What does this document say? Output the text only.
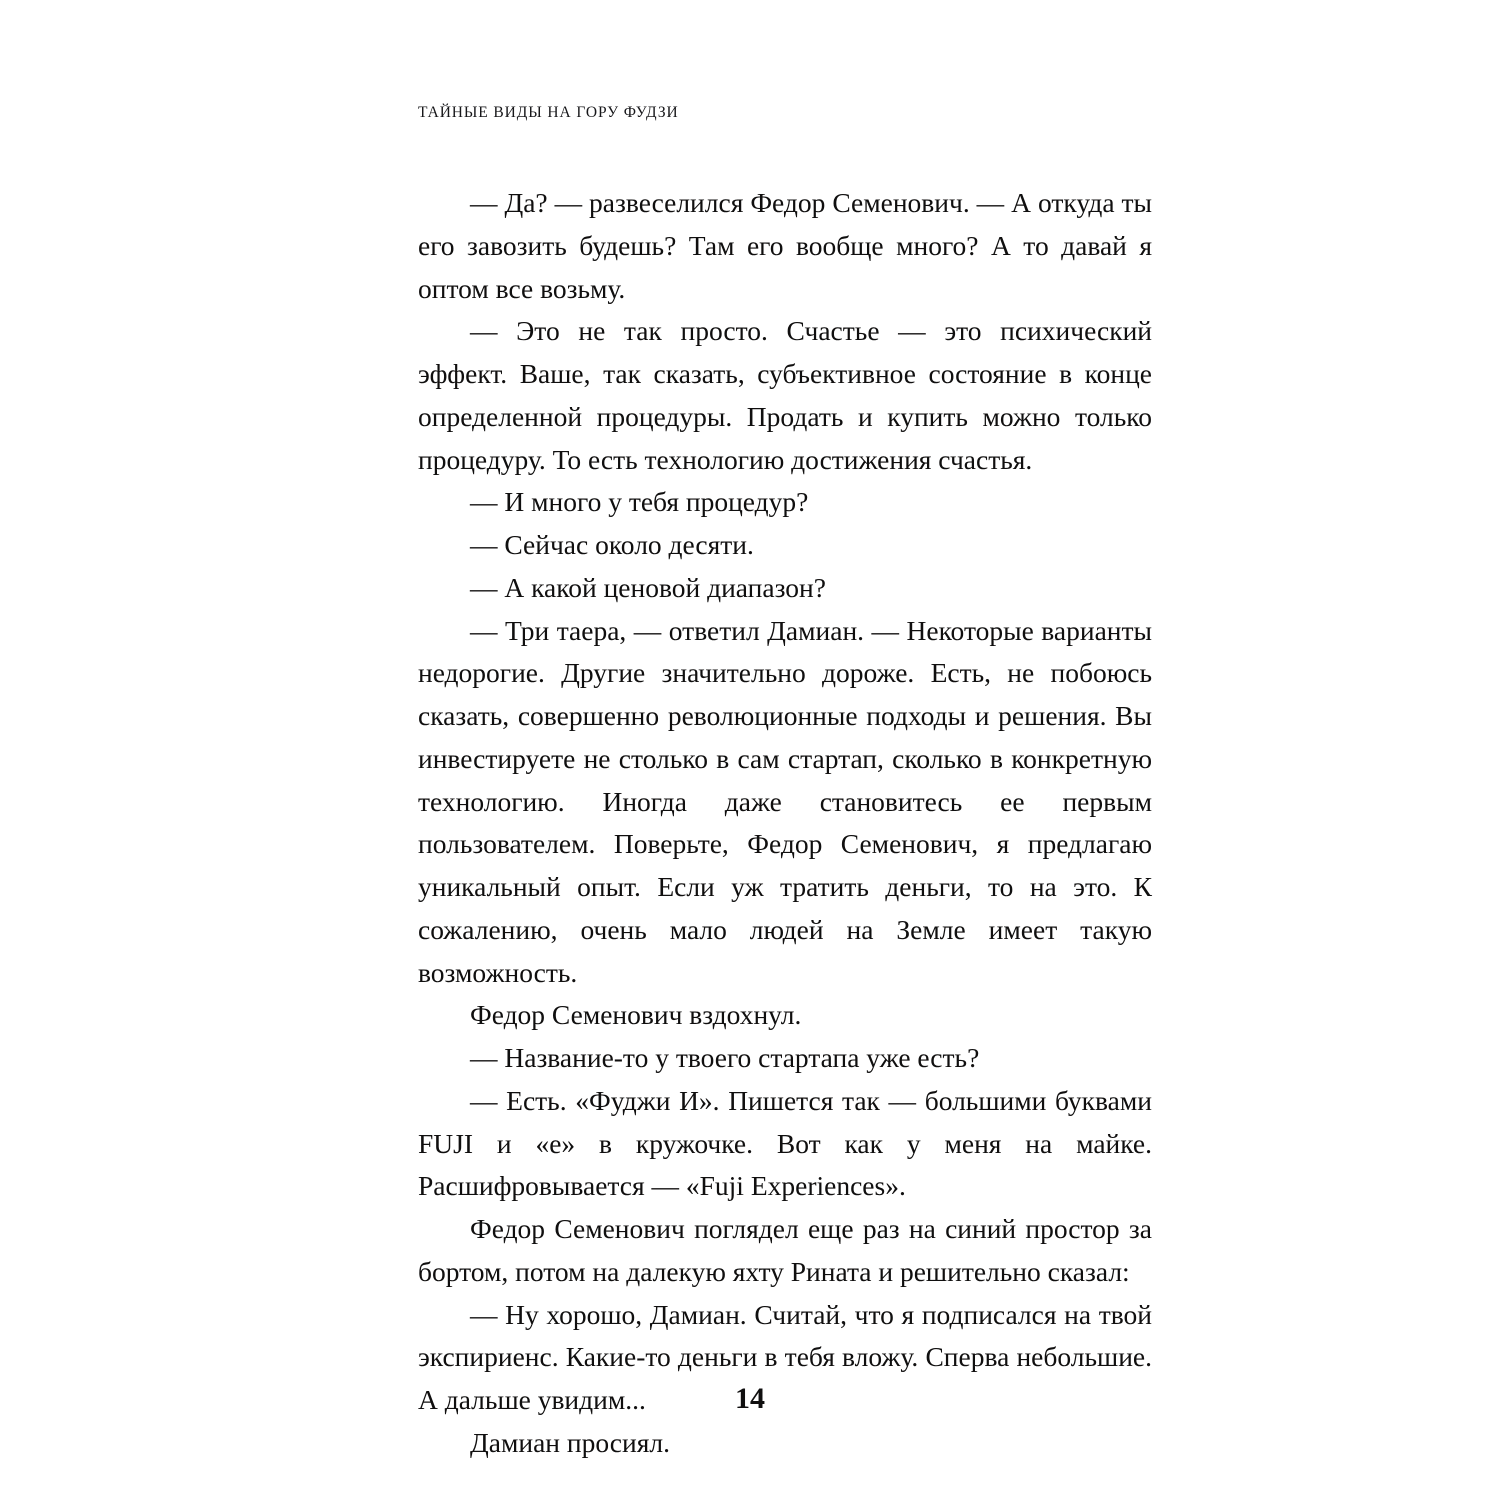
ТАЙНЫЕ ВИДЫ НА ГОРУ ФУДЗИ

— Да? — развеселился Федор Семенович. — А откуда ты его завозить будешь? Там его вообще много? А то давай я оптом все возьму.

— Это не так просто. Счастье — это психический эффект. Ваше, так сказать, субъективное состояние в конце определенной процедуры. Продать и купить можно только процедуру. То есть технологию достижения счастья.

— И много у тебя процедур?

— Сейчас около десяти.

— А какой ценовой диапазон?

— Три таера, — ответил Дамиан. — Некоторые варианты недорогие. Другие значительно дороже. Есть, не побоюсь сказать, совершенно революционные подходы и решения. Вы инвестируете не столько в сам стартап, сколько в конкретную технологию. Иногда даже становитесь ее первым пользователем. Поверьте, Федор Семенович, я предлагаю уникальный опыт. Если уж тратить деньги, то на это. К сожалению, очень мало людей на Земле имеет такую возможность.

Федор Семенович вздохнул.

— Название-то у твоего стартапа уже есть?

— Есть. «Фуджи И». Пишется так — большими буквами FUJI и «е» в кружочке. Вот как у меня на майке. Расшифровывается — «Fuji Experiences».

Федор Семенович поглядел еще раз на синий простор за бортом, потом на далекую яхту Рината и решительно сказал:

— Ну хорошо, Дамиан. Считай, что я подписался на твой экспириенс. Какие-то деньги в тебя вложу. Сперва небольшие. А дальше увидим...

Дамиан просиял.

14
